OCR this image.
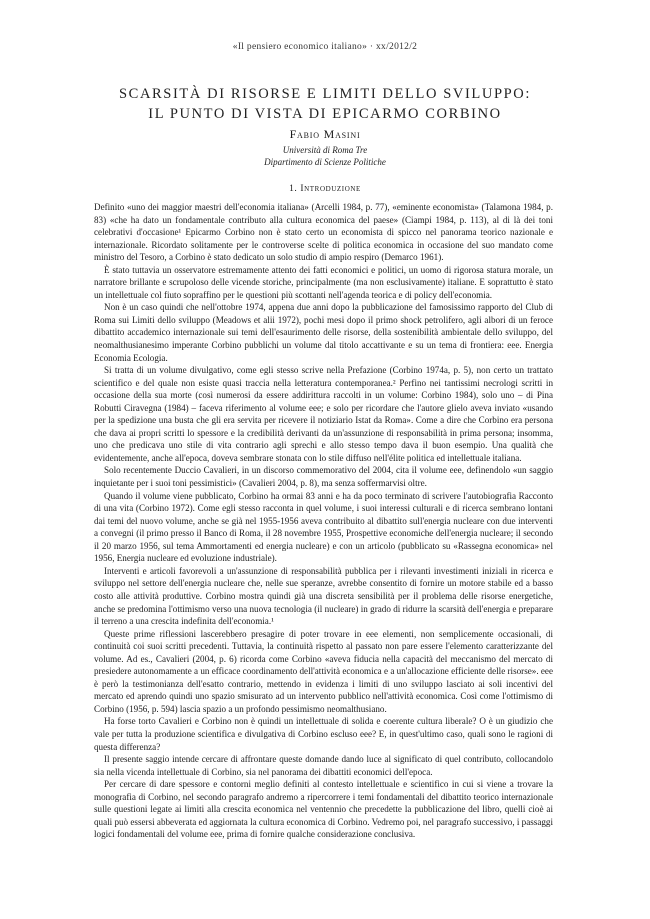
«Il pensiero economico italiano» · xx/2012/2
SCARSITÀ DI RISORSE E LIMITI DELLO SVILUPPO:
IL PUNTO DI VISTA DI EPICARMO CORBINO
Fabio Masini
Università di Roma Tre
Dipartimento di Scienze Politiche
1. Introduzione

Definito «uno dei maggior maestri dell'economia italiana» (Arcelli 1984, p. 77), «eminente economista» (Talamona 1984, p. 83) «che ha dato un fondamentale contributo alla cultura economica del paese» (Ciampi 1984, p. 113), al di là dei toni celebrativi d'occasione¹ Epicarmo Corbino non è stato certo un economista di spicco nel panorama teorico nazionale e internazionale. Ricordato solitamente per le controverse scelte di politica economica in occasione del suo mandato come ministro del Tesoro, a Corbino è stato dedicato un solo studio di ampio respiro (Demarco 1961).

È stato tuttavia un osservatore estremamente attento dei fatti economici e politici, un uomo di rigorosa statura morale, un narratore brillante e scrupoloso delle vicende storiche, principalmente (ma non esclusivamente) italiane. E soprattutto è stato un intellettuale col fiuto sopraffino per le questioni più scottanti nell'agenda teorica e di policy dell'economia.

Non è un caso quindi che nell'ottobre 1974, appena due anni dopo la pubblicazione del famosissimo rapporto del Club di Roma sui Limiti dello sviluppo (Meadows et alii 1972), pochi mesi dopo il primo shock petrolifero, agli albori di un feroce dibattito accademico internazionale sui temi dell'esaurimento delle risorse, della sostenibilità ambientale dello sviluppo, del neomalthusianesimo imperante Corbino pubblichi un volume dal titolo accattivante e su un tema di frontiera: eee. Energia Economia Ecologia.

Si tratta di un volume divulgativo, come egli stesso scrive nella Prefazione (Corbino 1974a, p. 5), non certo un trattato scientifico e del quale non esiste quasi traccia nella letteratura contemporanea.² Perfino nei tantissimi necrologi scritti in occasione della sua morte (così numerosi da essere addirittura raccolti in un volume: Corbino 1984), solo uno – di Pina Robutti Ciravegna (1984) – faceva riferimento al volume eee; e solo per ricordare che l'autore glielo aveva inviato «usando per la spedizione una busta che gli era servita per ricevere il notiziario Istat da Roma». Come a dire che Corbino era persona che dava ai propri scritti lo spessore e la credibilità derivanti da un'assunzione di responsabilità in prima persona; insomma, uno che predicava uno stile di vita contrario agli sprechi e allo stesso tempo dava il buon esempio. Una qualità che evidentemente, anche all'epoca, doveva sembrare stonata con lo stile diffuso nell'élite politica ed intellettuale italiana.

Solo recentemente Duccio Cavalieri, in un discorso commemorativo del 2004, cita il volume eee, definendolo «un saggio inquietante per i suoi toni pessimistici» (Cavalieri 2004, p. 8), ma senza soffermarvisi oltre.

Quando il volume viene pubblicato, Corbino ha ormai 83 anni e ha da poco terminato di scrivere l'autobiografia Racconto di una vita (Corbino 1972). Come egli stesso racconta in quel volume, i suoi interessi culturali e di ricerca sembrano lontani dai temi del nuovo volume, anche se già nel 1955-1956 aveva contribuito al dibattito sull'energia nucleare con due interventi a convegni (il primo presso il Banco di Roma, il 28 novembre 1955, Prospettive economiche dell'energia nucleare; il secondo il 20 marzo 1956, sul tema Ammortamenti ed energia nucleare) e con un articolo (pubblicato su «Rassegna economica» nel 1956, Energia nucleare ed evoluzione industriale).

Interventi e articoli favorevoli a un'assunzione di responsabilità pubblica per i rilevanti investimenti iniziali in ricerca e sviluppo nel settore dell'energia nucleare che, nelle sue speranze, avrebbe consentito di fornire un motore stabile ed a basso costo alle attività produttive. Corbino mostra quindi già una discreta sensibilità per il problema delle risorse energetiche, anche se predomina l'ottimismo verso una nuova tecnologia (il nucleare) in grado di ridurre la scarsità dell'energia e preparare il terreno a una crescita indefinita dell'economia.¹

Queste prime riflessioni lascerebbero presagire di poter trovare in eee elementi, non semplicemente occasionali, di continuità coi suoi scritti precedenti. Tuttavia, la continuità rispetto al passato non pare essere l'elemento caratterizzante del volume. Ad es., Cavalieri (2004, p. 6) ricorda come Corbino «aveva fiducia nella capacità del meccanismo del mercato di presiedere autonomamente a un efficace coordinamento dell'attività economica e a un'allocazione efficiente delle risorse». eee è però la testimonianza dell'esatto contrario, mettendo in evidenza i limiti di uno sviluppo lasciato ai soli incentivi del mercato ed aprendo quindi uno spazio smisurato ad un intervento pubblico nell'attività economica. Così come l'ottimismo di Corbino (1956, p. 594) lascia spazio a un profondo pessimismo neomalthusiano.

Ha forse torto Cavalieri e Corbino non è quindi un intellettuale di solida e coerente cultura liberale? O è un giudizio che vale per tutta la produzione scientifica e divulgativa di Corbino escluso eee? E, in quest'ultimo caso, quali sono le ragioni di questa differenza?

Il presente saggio intende cercare di affrontare queste domande dando luce al significato di quel contributo, collocandolo sia nella vicenda intellettuale di Corbino, sia nel panorama dei dibattiti economici dell'epoca.

Per cercare di dare spessore e contorni meglio definiti al contesto intellettuale e scientifico in cui si viene a trovare la monografia di Corbino, nel secondo paragrafo andremo a ripercorrere i temi fondamentali del dibattito teorico internazionale sulle questioni legate ai limiti alla crescita economica nel ventennio che precedette la pubblicazione del libro, quelli cioè ai quali può essersi abbeverata ed aggiornata la cultura economica di Corbino. Vedremo poi, nel paragrafo successivo, i passaggi logici fondamentali del volume eee, prima di fornire qualche considerazione conclusiva.
